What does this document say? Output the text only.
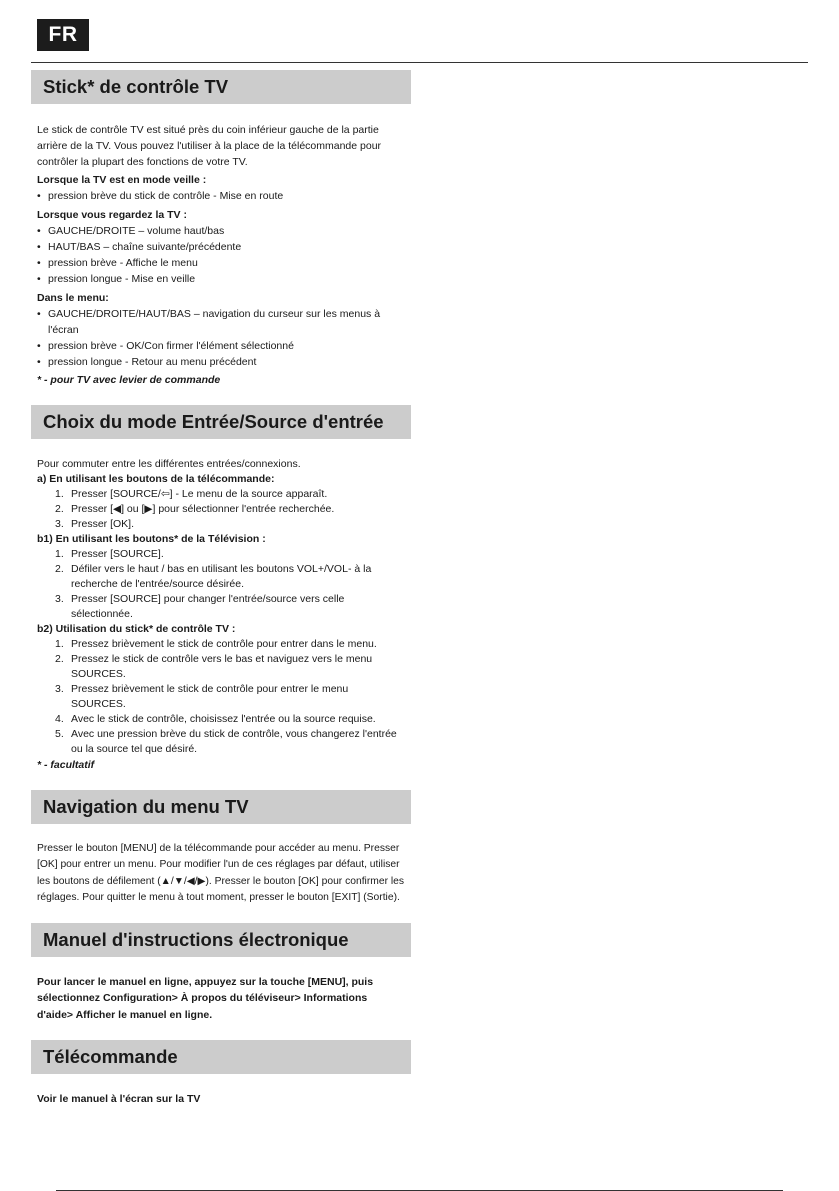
FR
Stick* de contrôle TV

Le stick de contrôle TV est situé près du coin inférieur gauche de la partie arrière de la TV. Vous pouvez l'utiliser à la place de la télécommande pour contrôler la plupart des fonctions de votre TV.

Lorsque la TV est en mode veille :

• pression brève du stick de contrôle - Mise en route

Lorsque vous regardez la TV :

• GAUCHE/DROITE – volume haut/bas

• HAUT/BAS – chaîne suivante/précédente

• pression brève - Affiche le menu

• pression longue - Mise en veille

Dans le menu:

• GAUCHE/DROITE/HAUT/BAS – navigation du curseur sur les menus à l'écran

• pression brève - OK/Con firmer l'élément sélectionné

• pression longue - Retour au menu précédent

* - pour TV avec levier de commande

Choix du mode Entrée/Source d'entrée

Pour commuter entre les différentes entrées/connexions.

a) En utilisant les boutons de la télécommande:

1. Presser [SOURCE/⇦] - Le menu de la source apparaît.

2. Presser [◀] ou [▶] pour sélectionner l'entrée recherchée.

3. Presser [OK].

b1) En utilisant les boutons* de la Télévision :

1. Presser [SOURCE].

2. Défiler vers le haut / bas en utilisant les boutons VOL+/VOL- à la recherche de l'entrée/source désirée.

3. Presser [SOURCE] pour changer l'entrée/source vers celle sélectionnée.

b2) Utilisation du stick* de contrôle TV :

1. Pressez brièvement le stick de contrôle pour entrer dans le menu.

2. Pressez le stick de contrôle vers le bas et naviguez vers le menu SOURCES.

3. Pressez brièvement le stick de contrôle pour entrer le menu SOURCES.

4. Avec le stick de contrôle, choisissez l'entrée ou la source requise.

5. Avec une pression brève du stick de contrôle, vous changerez l'entrée ou la source tel que désiré.

* - facultatif

Navigation du menu TV

Presser le bouton [MENU] de la télécommande pour accéder au menu. Presser [OK] pour entrer un menu. Pour modifier l'un de ces réglages par défaut, utiliser les boutons de défilement (▲/▼/◀/▶). Presser le bouton [OK] pour confirmer les réglages. Pour quitter le menu à tout moment, presser le bouton [EXIT] (Sortie).

Manuel d'instructions électronique

Pour lancer le manuel en ligne, appuyez sur la touche [MENU], puis sélectionnez Configuration> À propos du téléviseur> Informations d'aide> Afficher le manuel en ligne.

Télécommande

Voir le manuel à l'écran sur la TV
